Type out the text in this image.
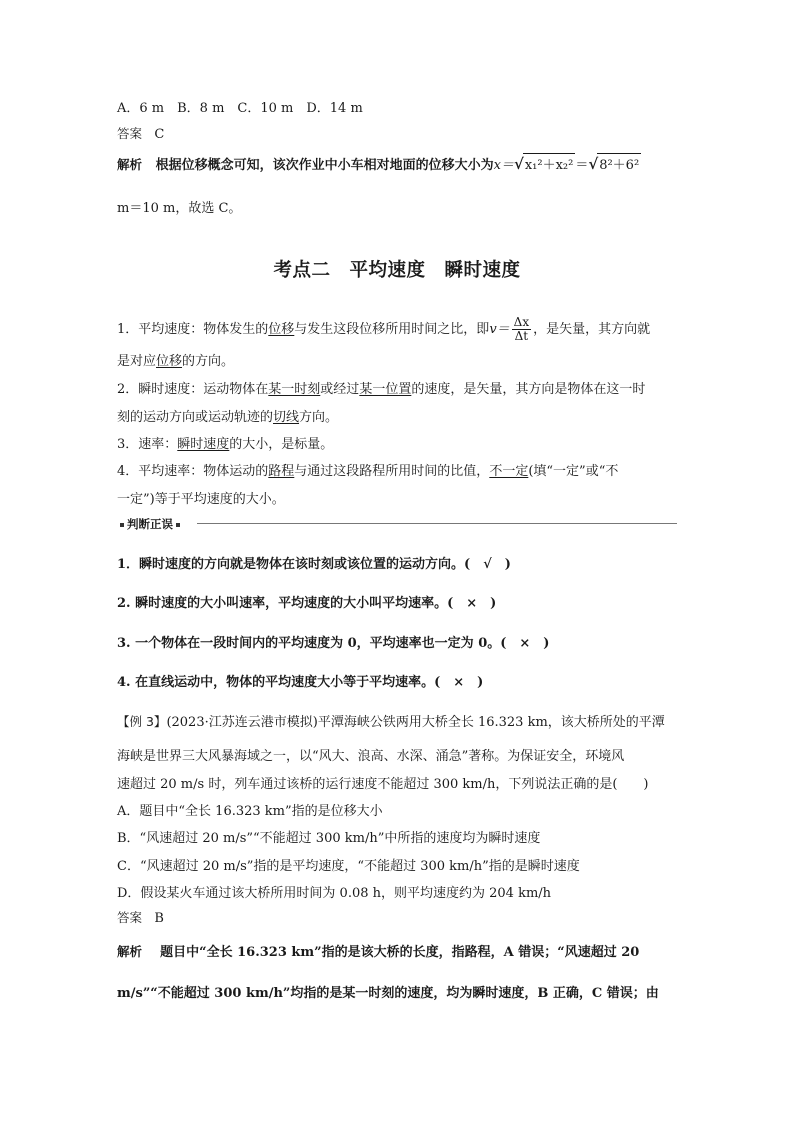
A．6 m　B．8 m　C．10 m　D．14 m
答案 C
解析 根据位移概念可知，该次作业中小车相对地面的位移大小为x＝√x₁²＋x₂² ＝√8²＋6²
m＝10 m，故选 C。
考点二　平均速度　瞬时速度
1．平均速度：物体发生的位移与发生这段位移所用时间之比，即$v= \frac{\Delta x}{\Delta t}$ ，是矢量，其方向就
是对应位移的方向。
2．瞬时速度：运动物体在某一时刻或经过某一位置的速度，是矢量，其方向是物体在这一时
刻的运动方向或运动轨迹的切线方向。
3．速率：瞬时速度的大小，是标量。
4．平均速率：物体运动的路程与通过这段路程所用时间的比值，不一定(填“一定”或“不
一定”)等于平均速度的大小。
判断正误
1．瞬时速度的方向就是物体在该时刻或该位置的运动方向。(　√　)
2. 瞬时速度的大小叫速率，平均速度的大小叫平均速率。(　×　)
3. 一个物体在一段时间内的平均速度为 0，平均速率也一定为 0。(　×　)
4. 在直线运动中，物体的平均速度大小等于平均速率。(　×　)
【例 3】(2023·江苏连云港市模拟)平潭海峡公铁两用大桥全长 16.323 km，该大桥所处的平潭
海峡是世界三大风暴海域之一，以“风大、浪高、水深、涌急”著称。为保证安全，环境风
速超过 20 m/s 时，列车通过该桥的运行速度不能超过 300 km/h，下列说法正确的是(　　)
A．题目中“全长 16.323 km”指的是位移大小
B．“风速超过 20 m/s”“不能超过 300 km/h”中所指的速度均为瞬时速度
C．“风速超过 20 m/s”指的是平均速度，“不能超过 300 km/h”指的是瞬时速度
D．假设某火车通过该大桥所用时间为 0.08 h，则平均速度约为 204 km/h
答案 B
解析 题目中“全长 16.323 km”指的是该大桥的长度，指路程，A 错误；“风速超过 20
m/s”“不能超过 300 km/h”均指的是某一时刻的速度，均为瞬时速度，B 正确，C 错误；由
